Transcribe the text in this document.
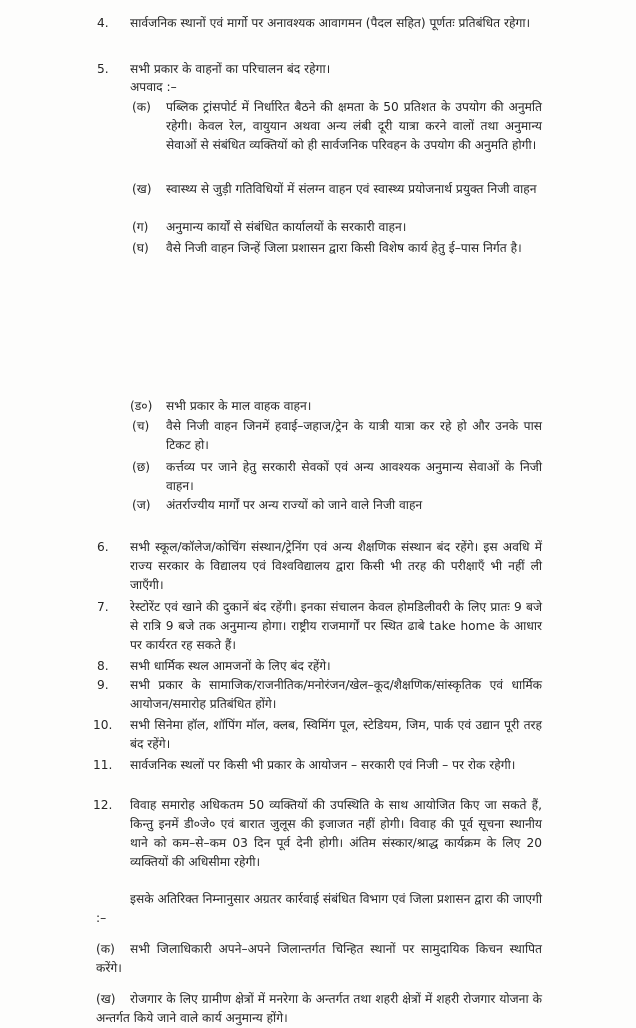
4. सार्वजनिक स्थानों एवं मार्गो पर अनावश्यक आवागमन (पैदल सहित) पूर्णतः प्रतिबंधित रहेगा।
5. सभी प्रकार के वाहनों का परिचालन बंद रहेगा।
अपवाद :–
(क) पब्लिक ट्रांसपोर्ट में निर्धारित बैठने की क्षमता के 50 प्रतिशत के उपयोग की अनुमति रहेगी। केवल रेल, वायुयान अथवा अन्य लंबी दूरी यात्रा करने वालों तथा अनुमान्य सेवाओं से संबंधित व्यक्तियों को ही सार्वजनिक परिवहन के उपयोग की अनुमति होगी।
(ख) स्वास्थ्य से जुड़ी गतिविधियों में संलग्न वाहन एवं स्वास्थ्य प्रयोजनार्थ प्रयुक्त निजी वाहन
(ग) अनुमान्य कार्यों से संबंधित कार्यालयों के सरकारी वाहन।
(घ) वैसे निजी वाहन जिन्हें जिला प्रशासन द्वारा किसी विशेष कार्य हेतु ई–पास निर्गत है।
(ड०) सभी प्रकार के माल वाहक वाहन।
(च) वैसे निजी वाहन जिनमें हवाई–जहाज/ट्रेन के यात्री यात्रा कर रहे हो और उनके पास टिकट हो।
(छ) कर्त्तव्य पर जाने हेतु सरकारी सेवकों एवं अन्य आवश्यक अनुमान्य सेवाओं के निजी वाहन।
(ज) अंतर्राज्यीय मार्गों पर अन्य राज्यों को जाने वाले निजी वाहन
6. सभी स्कूल/कॉलेज/कोचिंग संस्थान/ट्रेनिंग एवं अन्य शैक्षणिक संस्थान बंद रहेंगे। इस अवधि में राज्य सरकार के विद्यालय एवं विश्वविद्यालय द्वारा किसी भी तरह की परीक्षाएँ भी नहीं ली जाएँगी।
7. रेस्टोरेंट एवं खाने की दुकानें बंद रहेंगी। इनका संचालन केवल होमडिलीवरी के लिए प्रातः 9 बजे से रात्रि 9 बजे तक अनुमान्य होगा। राष्ट्रीय राजमार्गों पर स्थित ढाबे take home के आधार पर कार्यरत रह सकते हैं।
8. सभी धार्मिक स्थल आमजनों के लिए बंद रहेंगे।
9. सभी प्रकार के सामाजिक/राजनीतिक/मनोरंजन/खेल–कूद/शैक्षणिक/सांस्कृतिक एवं धार्मिक आयोजन/समारोह प्रतिबंधित होंगे।
10. सभी सिनेमा हॉल, शॉपिंग मॉल, क्लब, स्विमिंग पूल, स्टेडियम, जिम, पार्क एवं उद्यान पूरी तरह बंद रहेंगे।
11. सार्वजनिक स्थलों पर किसी भी प्रकार के आयोजन – सरकारी एवं निजी – पर रोक रहेगी।
12. विवाह समारोह अधिकतम 50 व्यक्तियों की उपस्थिति के साथ आयोजित किए जा सकते हैं, किन्तु इनमें डी०जे० एवं बारात जुलूस की इजाजत नहीं होगी। विवाह की पूर्व सूचना स्थानीय थाने को कम–से–कम 03 दिन पूर्व देनी होगी। अंतिम संस्कार/श्राद्ध कार्यक्रम के लिए 20 व्यक्तियों की अधिसीमा रहेगी।
इसके अतिरिक्त निम्नानुसार अग्रतर कार्रवाई संबंधित विभाग एवं जिला प्रशासन द्वारा की जाएगी :–
(क)	सभी जिलाधिकारी अपने–अपने जिलान्तर्गत चिन्हित स्थानों पर सामुदायिक किचन स्थापित करेंगे।
(ख)	रोजगार के लिए ग्रामीण क्षेत्रों में मनरेगा के अन्तर्गत तथा शहरी क्षेत्रों में शहरी रोजगार योजना के अन्तर्गत किये जाने वाले कार्य अनुमान्य होंगे।
